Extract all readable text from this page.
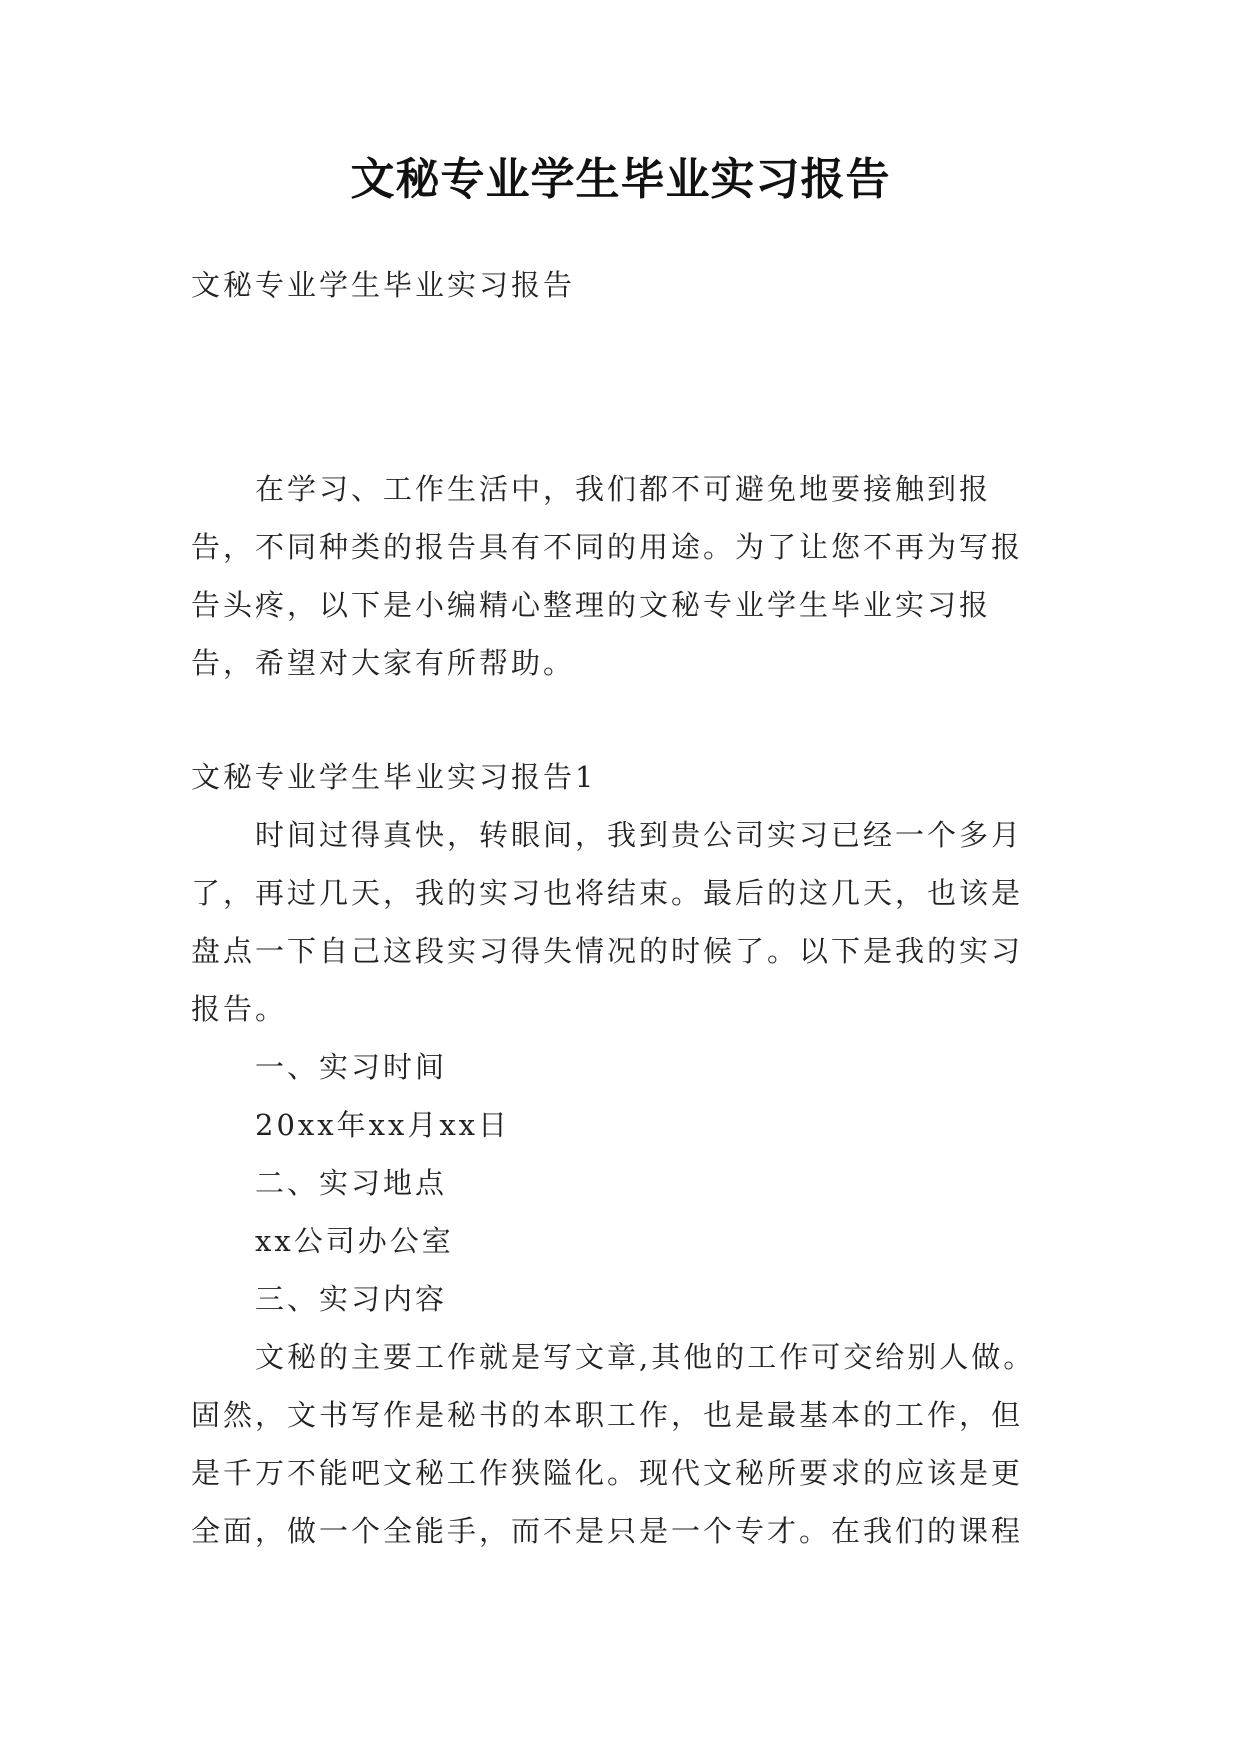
文秘专业学生毕业实习报告

文秘专业学生毕业实习报告

在学习、工作生活中，我们都不可避免地要接触到报告，不同种类的报告具有不同的用途。为了让您不再为写报告头疼，以下是小编精心整理的文秘专业学生毕业实习报告，希望对大家有所帮助。

文秘专业学生毕业实习报告1

时间过得真快，转眼间，我到贵公司实习已经一个多月了，再过几天，我的实习也将结束。最后的这几天，也该是盘点一下自己这段实习得失情况的时候了。以下是我的实习报告。

一、实习时间

20xx年xx月xx日

二、实习地点

xx公司办公室

三、实习内容

文秘的主要工作就是写文章,其他的工作可交给别人做。固然，文书写作是秘书的本职工作，也是最基本的工作，但是千万不能吧文秘工作狭隘化。现代文秘所要求的应该是更全面，做一个全能手，而不是只是一个专才。在我们的课程
